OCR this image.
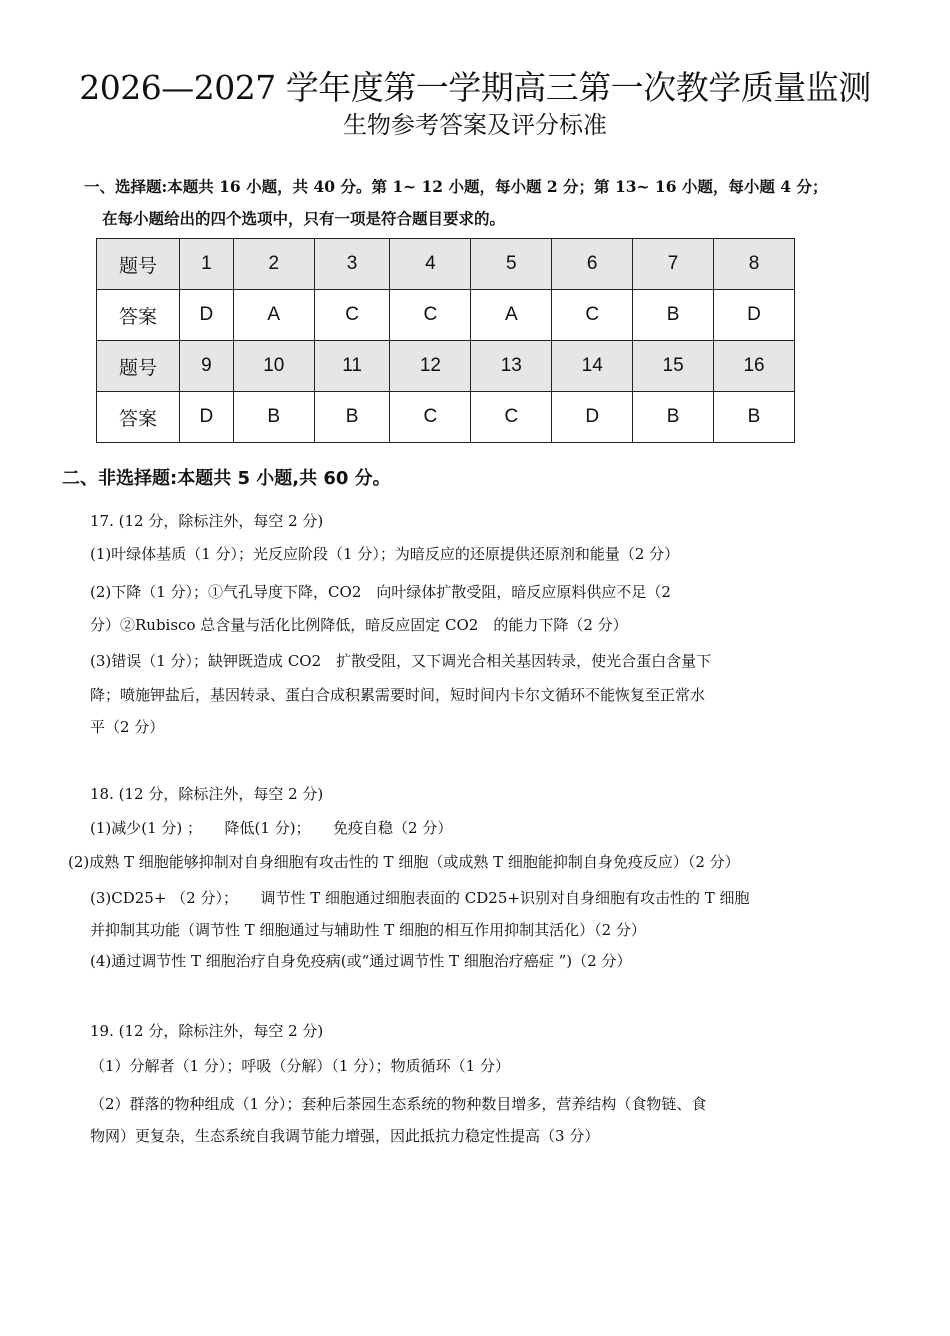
2026—2027 学年度第一学期高三第一次教学质量监测
生物参考答案及评分标准
一、选择题:本题共 16 小题，共 40 分。第 1~ 12 小题，每小题 2 分；第 13~ 16 小题，每小题 4 分；
在每小题给出的四个选项中，只有一项是符合题目要求的。
题号	1	2	3	4	5	6	7	8
答案	D	A	C	C	A	C	B	D
题号	9	10	11	12	13	14	15	16
答案	D	B	B	C	C	D	B	B
二、非选择题:本题共 5 小题,共 60 分。
17. (12 分，除标注外，每空 2 分)
(1)叶绿体基质（1 分）；光反应阶段（1 分）；为暗反应的还原提供还原剂和能量（2 分）
(2)下降（1 分）；①气孔导度下降，CO2　向叶绿体扩散受阻，暗反应原料供应不足（2
分）②Rubisco 总含量与活化比例降低，暗反应固定 CO2　的能力下降（2 分）
(3)错误（1 分）；缺钾既造成 CO2　扩散受阻，又下调光合相关基因转录，使光合蛋白含量下
降；喷施钾盐后，基因转录、蛋白合成积累需要时间，短时间内卡尔文循环不能恢复至正常水
平（2 分）
18. (12 分，除标注外，每空 2 分)
(1)减少(1 分) ；　　降低(1 分)；　　免疫自稳（2 分）
(2)成熟 T 细胞能够抑制对自身细胞有攻击性的 T 细胞（或成熟 T 细胞能抑制自身免疫反应）（2 分）
(3)CD25+ （2 分）；　　调节性 T 细胞通过细胞表面的 CD25+识别对自身细胞有攻击性的 T 细胞
并抑制其功能（调节性 T 细胞通过与辅助性 T 细胞的相互作用抑制其活化）（2 分）
(4)通过调节性 T 细胞治疗自身免疫病(或“通过调节性 T 细胞治疗癌症 ”)（2 分）
19. (12 分，除标注外，每空 2 分)
（1）分解者（1 分）；呼吸（分解）（1 分）；物质循环（1 分）
（2）群落的物种组成（1 分）；套种后茶园生态系统的物种数目增多，营养结构（食物链、食
物网）更复杂，生态系统自我调节能力增强，因此抵抗力稳定性提高（3 分）
